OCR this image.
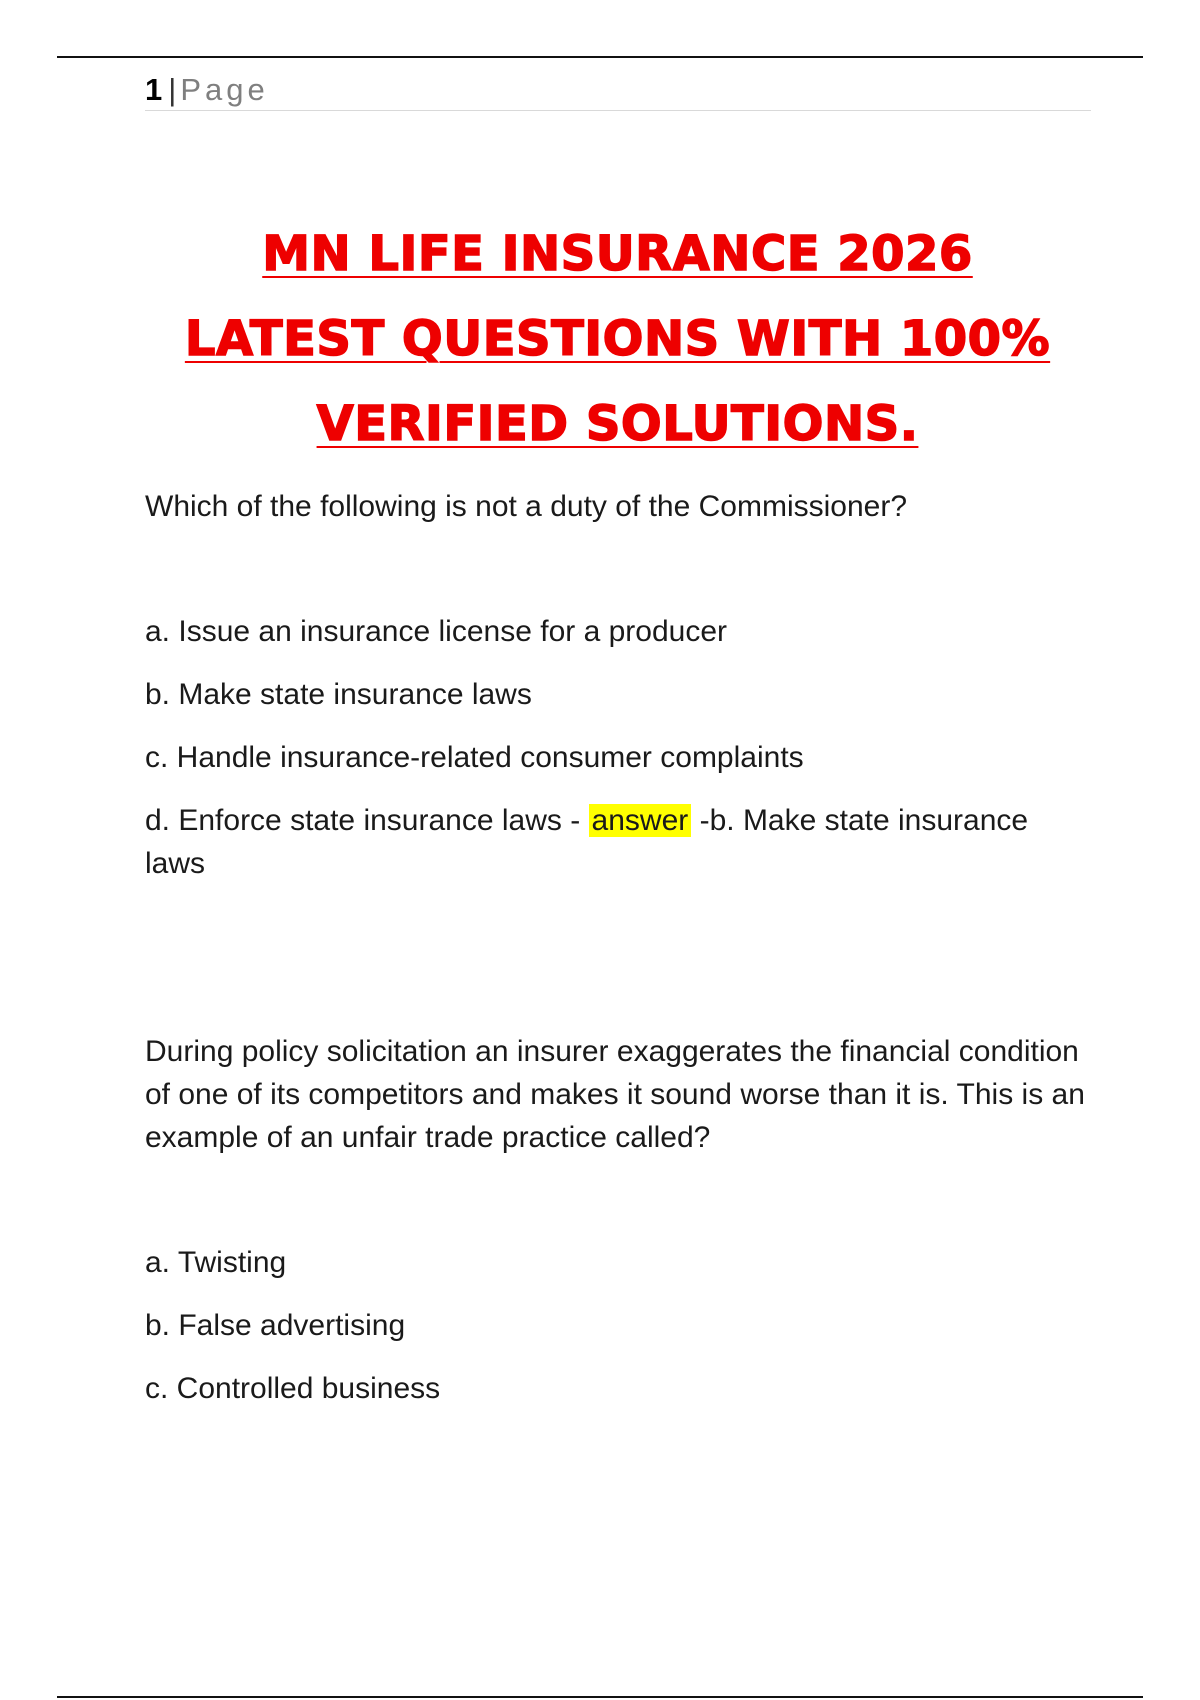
1 | Page
MN LIFE INSURANCE 2026
LATEST QUESTIONS WITH 100%
VERIFIED SOLUTIONS.

Which of the following is not a duty of the Commissioner?

a. Issue an insurance license for a producer

b. Make state insurance laws

c. Handle insurance-related consumer complaints

d. Enforce state insurance laws - answer -b. Make state insurance laws

During policy solicitation an insurer exaggerates the financial condition of one of its competitors and makes it sound worse than it is. This is an example of an unfair trade practice called?

a. Twisting

b. False advertising

c. Controlled business
